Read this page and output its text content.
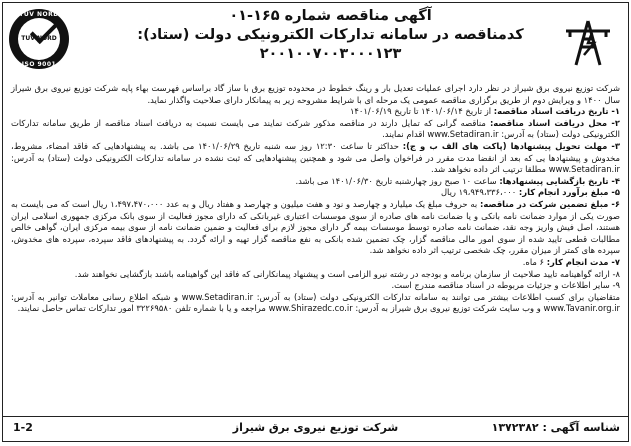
TUV NORD
TUV NORD
ISO 9001
آگهی مناقصه شماره ۱۶۵-۰۱
کدمناقصه در سامانه تدارکات الکترونیکی دولت (ستاد):
۲۰۰۱۰۰۷۰۰۳۰۰۰۱۲۳

شرکت توزیع نیروی برق شیراز در نظر دارد اجرای عملیات تعدیل بار و رینگ خطوط در محدوده توزیع برق با ساز گاد براساس فهرست بهاء پایه شرکت توزیع نیروی برق شیراز سال ۱۴۰۰ و ویرایش دوم از طریق برگزاری مناقصه عمومی یک مرحله ای با شرایط مشروحه زیر به پیمانکار دارای صلاحیت واگذار نماید.

۱- تاریخ دریافت اسناد مناقصه: از تاریخ ۱۴۰۱/۰۶/۱۴ تا تاریخ ۱۴۰۱/۰۶/۱۹

۲- محل دریافت اسناد مناقصه: مناقصه گرانی که تمایل دارند در مناقصه مذکور شرکت نمایند می بایست نسبت به دریافت اسناد مناقصه از طریق سامانه تدارکات الکترونیکی دولت (ستاد) به آدرس: www.Setadiran.ir اقدام نمایند.

۳- مهلت تحویل پیشنهادها (پاکت های الف ب و ج): حداکثر تا ساعت ۱۲:۳۰ روز سه شنبه تاریخ ۱۴۰۱/۰۶/۲۹ می باشد. به پیشنهادهایی که فاقد امضاء، مشروط، مخدوش و پیشنهادها یی که بعد از انقضا مدت مقرر در فراخوان واصل می شود و همچنین پیشنهادهایی که ثبت نشده در سامانه تدارکات الکترونیکی دولت (ستاد) به آدرس: www.Setadiran.ir مطلقا ترتیب اثر داده نخواهد شد.

۴- تاریخ بازگشایی پیشنهادها: ساعت ۱۰ صبح روز چهارشنبه تاریخ ۱۴۰۱/۰۶/۳۰ می باشد.

۵- مبلغ برآورد انجام کار: ۱۹،۹۴۹،۳۳۶،۰۰۰ ریال

۶- مبلغ تضمین شرکت در مناقصه: به حروف مبلغ یک میلیارد و چهارصد و نود و هفت میلیون و چهارصد و هفتاد ریال و به عدد ۱،۴۹۷،۴۷۰،۰۰۰ ریال است که می بایست به صورت یکی از موارد ضمانت نامه بانکی و یا ضمانت نامه های صادره از سوی موسسات اعتباری غیربانکی که دارای مجوز فعالیت از سوی بانک مرکزی جمهوری اسلامی ایران هستند، اصل فیش واریز وجه نقد، ضمانت نامه صادره توسط موسسات بیمه گر دارای مجوز لازم برای فعالیت و ضمین ضمانت نامه از سوی بیمه مرکزی ایران، گواهی خالص مطالبات قطعی تایید شده از سوی امور مالی مناقصه گزار، چک تضمین شده بانکی به نفع مناقصه گزار تهیه و ارائه گردد. به پیشنهادهای فاقد سپرده، سپرده های مخدوش، سپرده های کمتر از میزان مقرر، چک شخصی ترتیب اثر داده نخواهد شد.

۷- مدت انجام کار: ۶ ماه.

۸- ارائه گواهینامه تایید صلاحیت از سازمان برنامه و بودجه در رشته نیرو الزامی است و پیشنهاد پیمانکارانی که فاقد این گواهینامه باشند بازگشایی نخواهند شد.

۹- سایر اطلاعات و جزئیات مربوطه در اسناد مناقصه مندرج است.

متقاضیان برای کسب اطلاعات بیشتر می توانند به سامانه تدارکات الکترونیکی دولت (ستاد) به آدرس: www.Setadiran.ir و شبکه اطلاع رسانی معاملات توانیر به آدرس: www.Tavanir.org.ir و وب سایت شرکت توزیع نیروی برق شیراز به آدرس: www.Shirazedc.co.ir مراجعه و یا با شماره تلفن ۳۲۲۶۹۵۸۰ امور تدارکات تماس حاصل نمایند.

شناسه آگهی : ۱۳۷۲۳۸۲
شرکت توزیع نیروی برق شیراز
1-2
